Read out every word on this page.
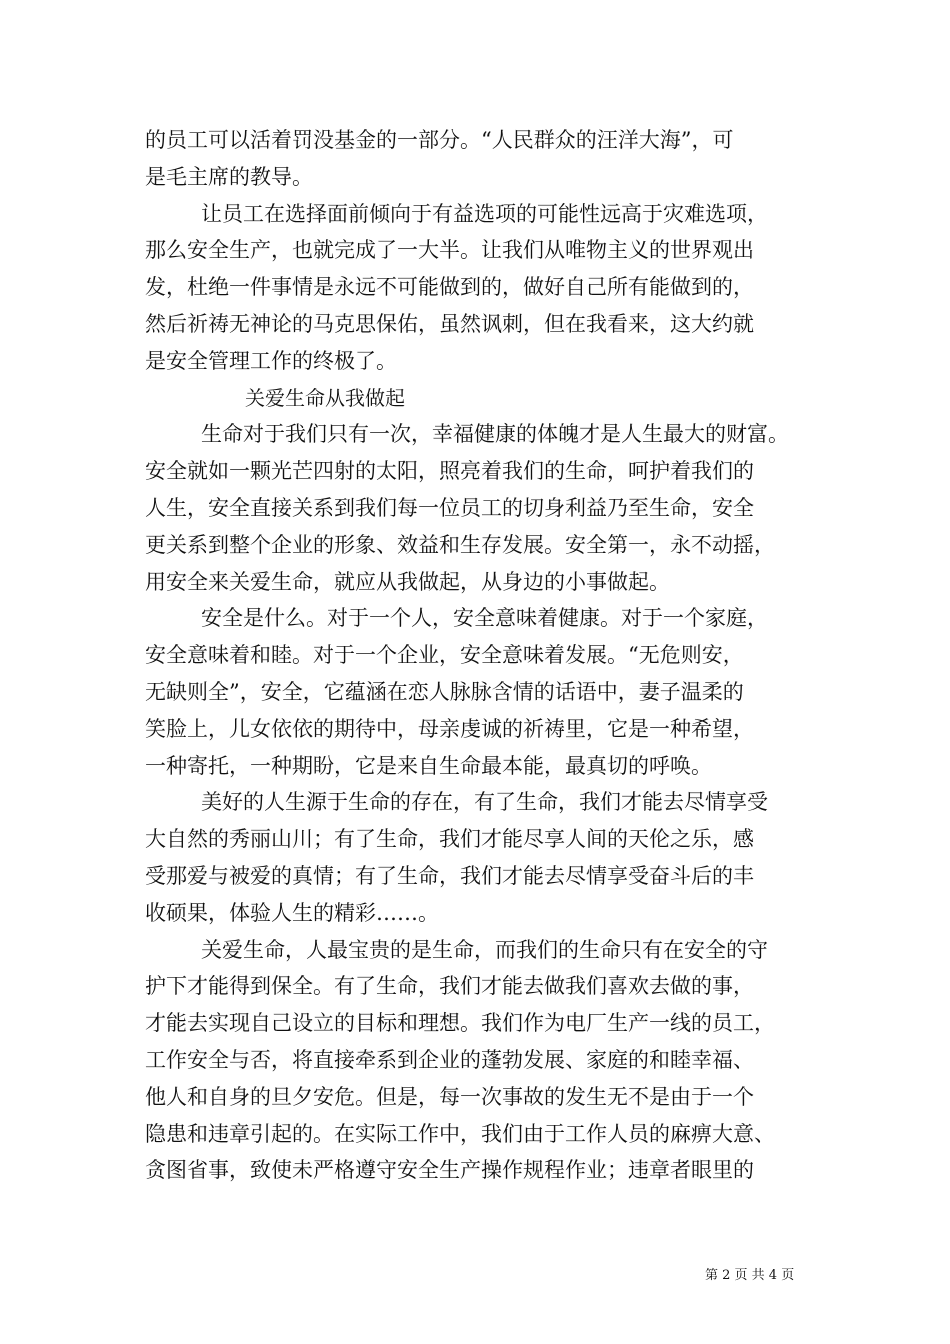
的员工可以活着罚没基金的一部分。“人民群众的汪洋大海”，可
是毛主席的教导。
让员工在选择面前倾向于有益选项的可能性远高于灾难选项，
那么安全生产，也就完成了一大半。让我们从唯物主义的世界观出
发，杜绝一件事情是永远不可能做到的，做好自己所有能做到的，
然后祈祷无神论的马克思保佑，虽然讽刺，但在我看来，这大约就
是安全管理工作的终极了。
关爱生命从我做起
生命对于我们只有一次，幸福健康的体魄才是人生最大的财富。
安全就如一颗光芒四射的太阳，照亮着我们的生命，呵护着我们的
人生，安全直接关系到我们每一位员工的切身利益乃至生命，安全
更关系到整个企业的形象、效益和生存发展。安全第一，永不动摇，
用安全来关爱生命，就应从我做起，从身边的小事做起。
安全是什么。对于一个人，安全意味着健康。对于一个家庭，
安全意味着和睦。对于一个企业，安全意味着发展。“无危则安，
无缺则全”，安全，它蕴涵在恋人脉脉含情的话语中，妻子温柔的
笑脸上，儿女依依的期待中，母亲虔诚的祈祷里，它是一种希望，
一种寄托，一种期盼，它是来自生命最本能，最真切的呼唤。
美好的人生源于生命的存在，有了生命，我们才能去尽情享受
大自然的秀丽山川；有了生命，我们才能尽享人间的天伦之乐，感
受那爱与被爱的真情；有了生命，我们才能去尽情享受奋斗后的丰
收硕果，体验人生的精彩……。
关爱生命，人最宝贵的是生命，而我们的生命只有在安全的守
护下才能得到保全。有了生命，我们才能去做我们喜欢去做的事，
才能去实现自己设立的目标和理想。我们作为电厂生产一线的员工，
工作安全与否，将直接牵系到企业的蓬勃发展、家庭的和睦幸福、
他人和自身的旦夕安危。但是，每一次事故的发生无不是由于一个
隐患和违章引起的。在实际工作中，我们由于工作人员的麻痹大意、
贪图省事，致使未严格遵守安全生产操作规程作业；违章者眼里的
第 2 页 共 4 页
